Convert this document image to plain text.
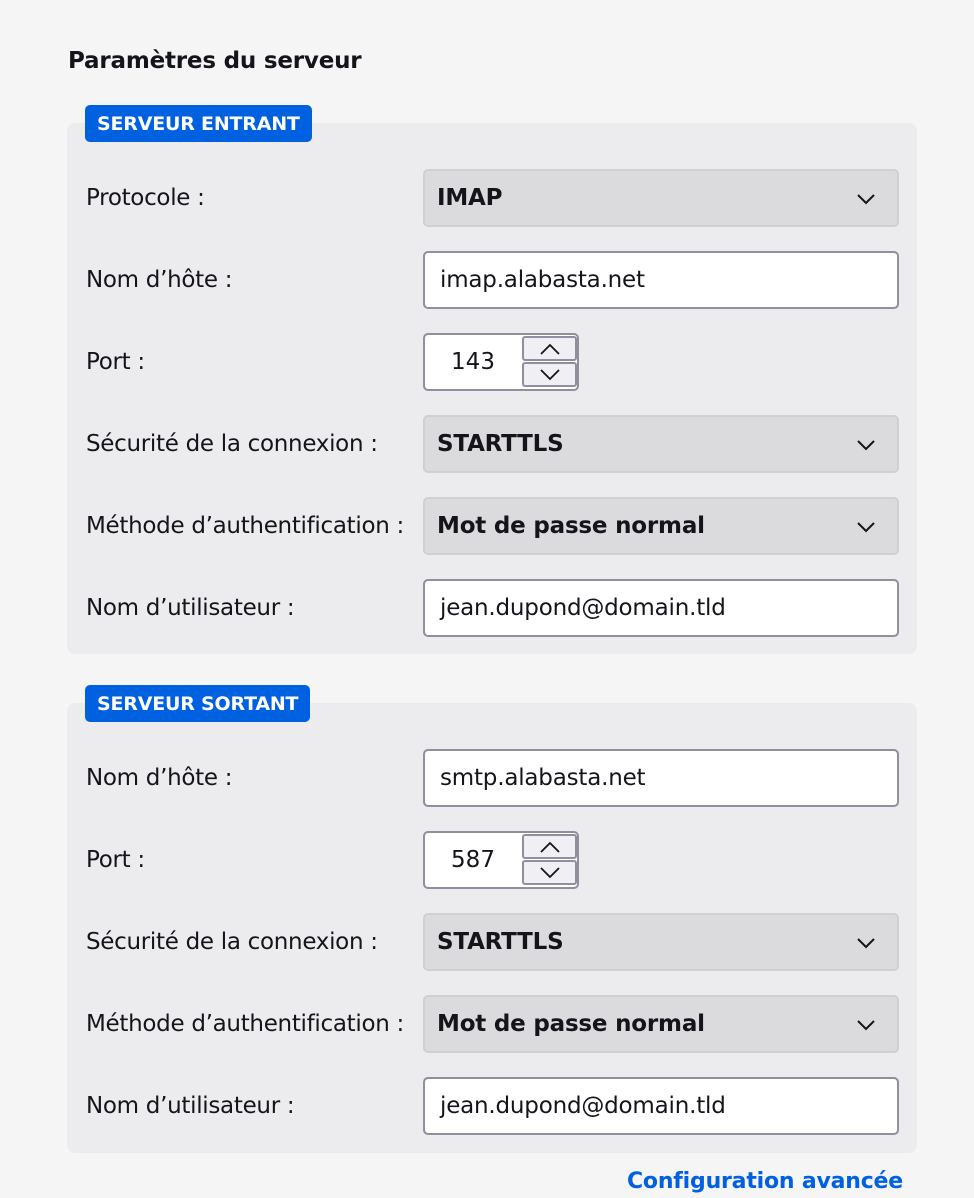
Paramètres du serveur
Protocole :	IMAP
Nom d’hôte :	imap.alabasta.net
Port :	143
Sécurité de la connexion :	STARTTLS
Méthode d’authentification : Mot de passe normal
Nom d’utilisateur :	jean.dupond@domain.tld
SERVEUR ENTRANT
Nom d’hôte :	smtp.alabasta.net
Port :	587
Sécurité de la connexion :	STARTTLS
Méthode d’authentification : Mot de passe normal
Nom d’utilisateur :	jean.dupond@domain.tld
SERVEUR SORTANT
Configuration avancée
